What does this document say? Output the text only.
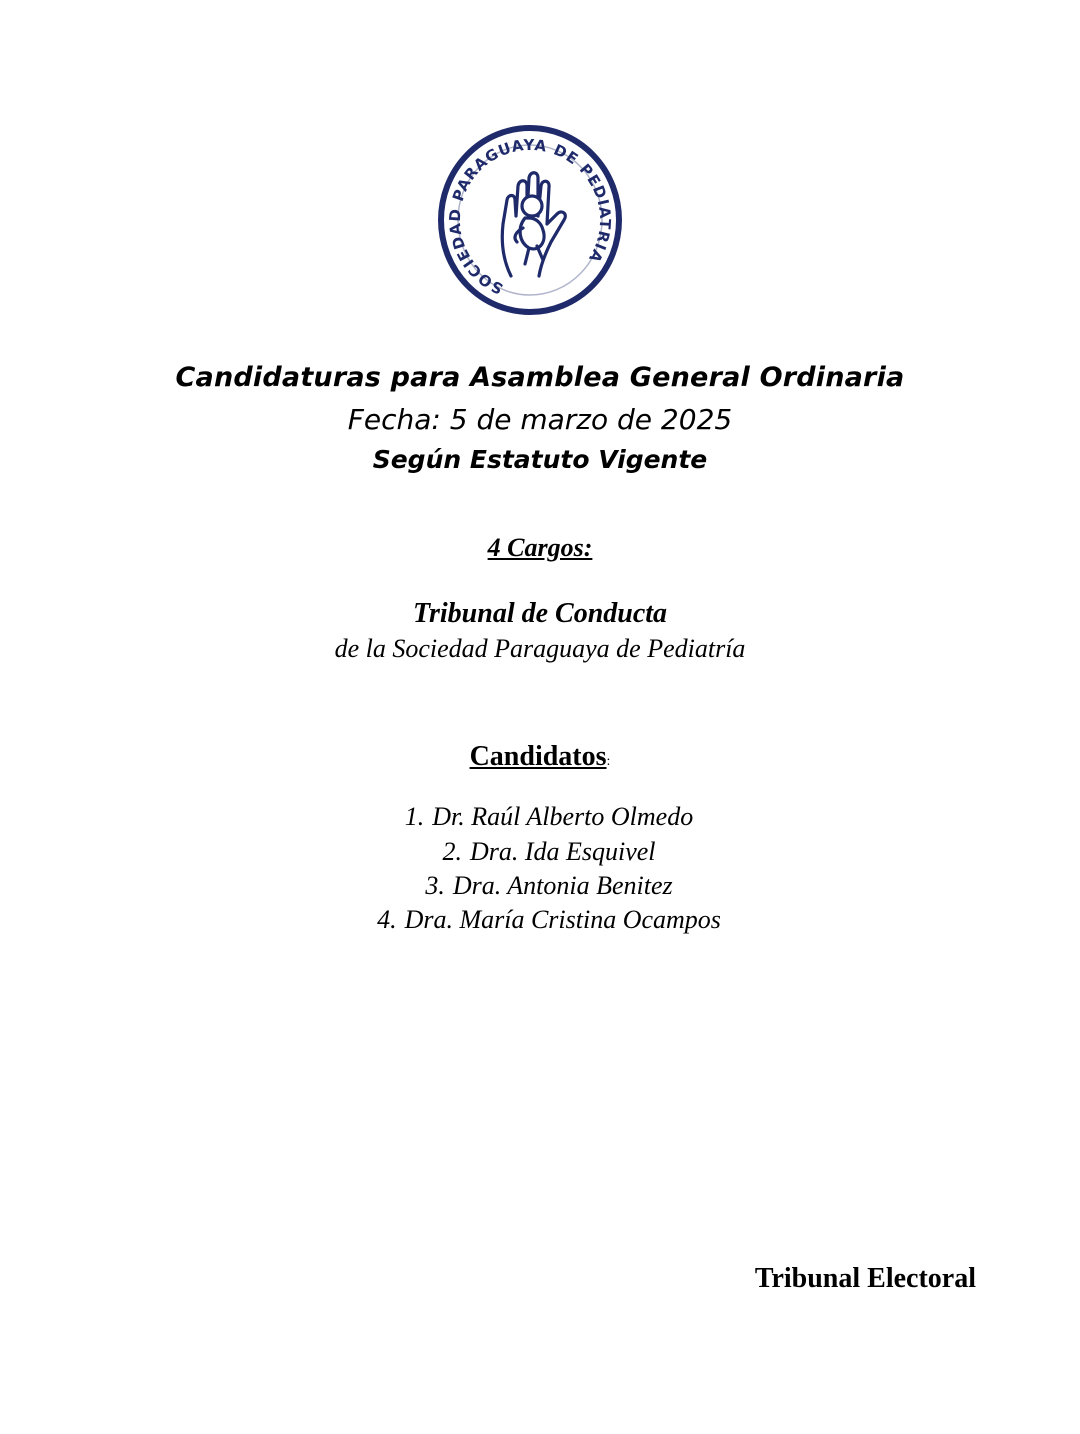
SOCIEDAD PARAGUAYA DE PEDIATRIA
Candidaturas para Asamblea General Ordinaria
Fecha: 5 de marzo de 2025
Según Estatuto Vigente
4 Cargos:
Tribunal de Conducta
de la Sociedad Paraguaya de Pediatría
Candidatos:
1. Dr. Raúl Alberto Olmedo
2. Dra. Ida Esquivel
3. Dra. Antonia Benitez
4. Dra. María Cristina Ocampos
Tribunal Electoral
